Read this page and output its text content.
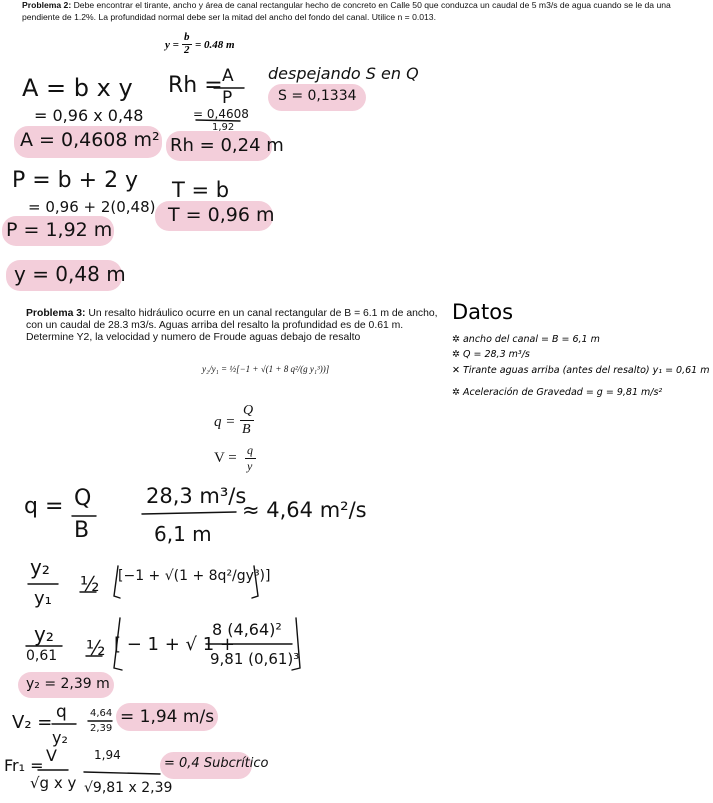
Problema 2: Debe encontrar el tirante, ancho y área de canal rectangular hecho de concreto en Calle 50 que conduzca un caudal de 5 m3/s de agua cuando se le da una pendiente de 1.2%. La profundidad normal debe ser la mitad del ancho del fondo del canal. Utilice n = 0.013.
y =
b
2 = 0.48 m
A = b x y
= 0,96 x 0,48
A = 0,4608 m²
Rh = A
P
= 0,4608
1,92
Rh = 0,24 m
despejando S en Q
S = 0,1334
P = b + 2 y
= 0,96 + 2(0,48)
P = 1,92 m
T = b
T = 0,96 m
y = 0,48 m
Problema 3: Un resalto hidráulico ocurre en un canal rectangular de B = 6.1 m de ancho, con un caudal de 28.3 m3/s. Aguas arriba del resalto la profundidad es de 0.61 m. Determine Y2, la velocidad y numero de Froude aguas debajo de resalto
y₂/y₁ = ½[−1 + √(1 + 8 q²/(g y₁³))]
q =
Q
B
V = q
y
Datos
✲ ancho del canal = B = 6,1 m
✲ Q = 28,3 m³/s
✕ Tirante aguas arriba (antes del resalto) y₁ = 0,61 m
✲ Aceleración de Gravedad = g = 9,81 m/s²
q = Q
B
28,3 m³/s
6,1 m
≈ 4,64 m²/s
y₂
y₁
½ [−1 + √(1 + 8q²/gy³)]
y₂
0,61 ½ [ − 1 + √ 1 +
8 (4,64)²
9,81 (0,61)³
y₂ = 2,39 m
V₂ = q
y₂
4,64
2,39
= 1,94 m/s
Fr₁ =
V
√g x y
1,94
√9,81 x 2,39
= 0,4 Subcrítico
